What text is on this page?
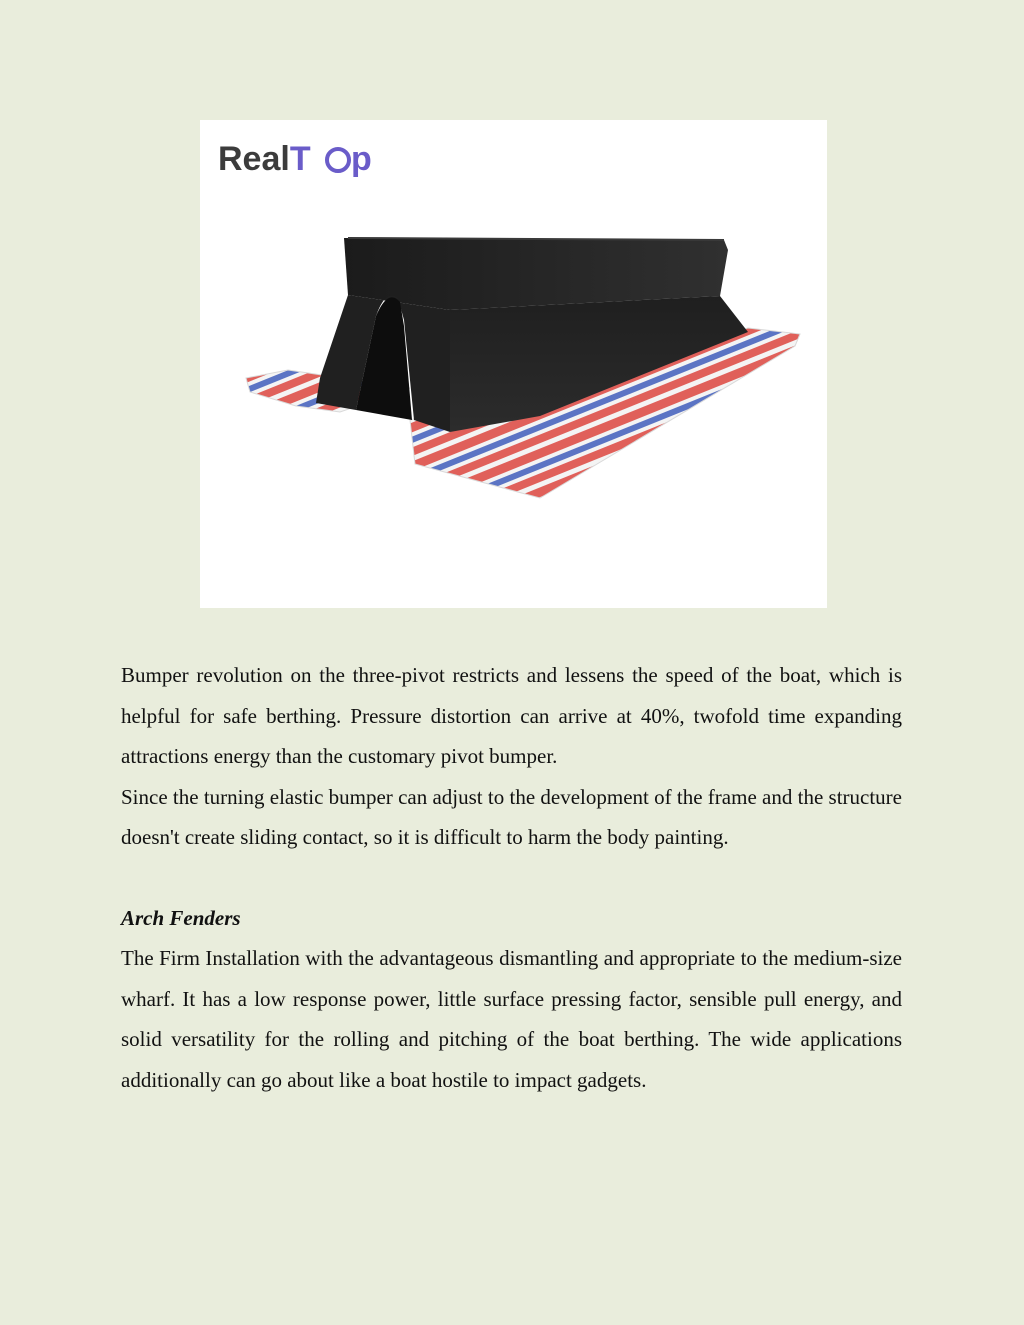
RealT p

Bumper revolution on the three-pivot restricts and lessens the speed of the boat, which is helpful for safe berthing. Pressure distortion can arrive at 40%, twofold time expanding attractions energy than the customary pivot bumper.

Since the turning elastic bumper can adjust to the development of the frame and the structure doesn't create sliding contact, so it is difficult to harm the body painting.

Arch Fenders

The Firm Installation with the advantageous dismantling and appropriate to the medium-size wharf. It has a low response power, little surface pressing factor, sensible pull energy, and solid versatility for the rolling and pitching of the boat berthing. The wide applications additionally can go about like a boat hostile to impact gadgets.
